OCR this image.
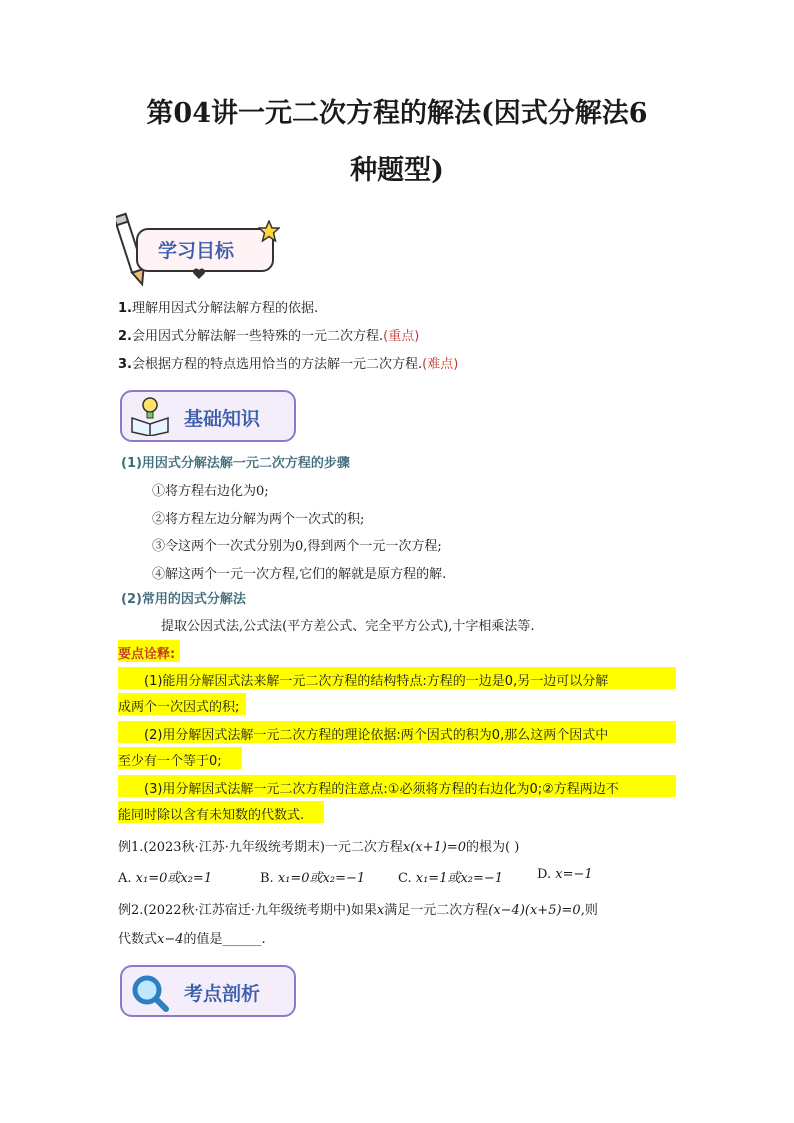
第04讲一元二次方程的解法(因式分解法6
种题型)
学习目标
1.理解用因式分解法解方程的依据.
2.会用因式分解法解一些特殊的一元二次方程.(重点)
3.会根据方程的特点选用恰当的方法解一元二次方程.(难点)
基础知识
(1)用因式分解法解一元二次方程的步骤
①将方程右边化为0;
②将方程左边分解为两个一次式的积;
③令这两个一次式分别为0,得到两个一元一次方程;
④解这两个一元一次方程,它们的解就是原方程的解.
(2)常用的因式分解法
提取公因式法,公式法(平方差公式、完全平方公式),十字相乘法等.
要点诠释:
(1)能用分解因式法来解一元二次方程的结构特点:方程的一边是0,另一边可以分解
成两个一次因式的积;
(2)用分解因式法解一元二次方程的理论依据:两个因式的积为0,那么这两个因式中
至少有一个等于0;
(3)用分解因式法解一元二次方程的注意点:①必须将方程的右边化为0;②方程两边不
能同时除以含有未知数的代数式.
例1.(2023秋·江苏·九年级统考期末)一元二次方程x(x+1)=0的根为( )
A. x₁=0或x₂=1	B. x₁=0或x₂=−1	C. x₁=1或x₂=−1	D. x=−1
例2.(2022秋·江苏宿迁·九年级统考期中)如果x满足一元二次方程(x−4)(x+5)=0,则
代数式x−4的值是______.
考点剖析
